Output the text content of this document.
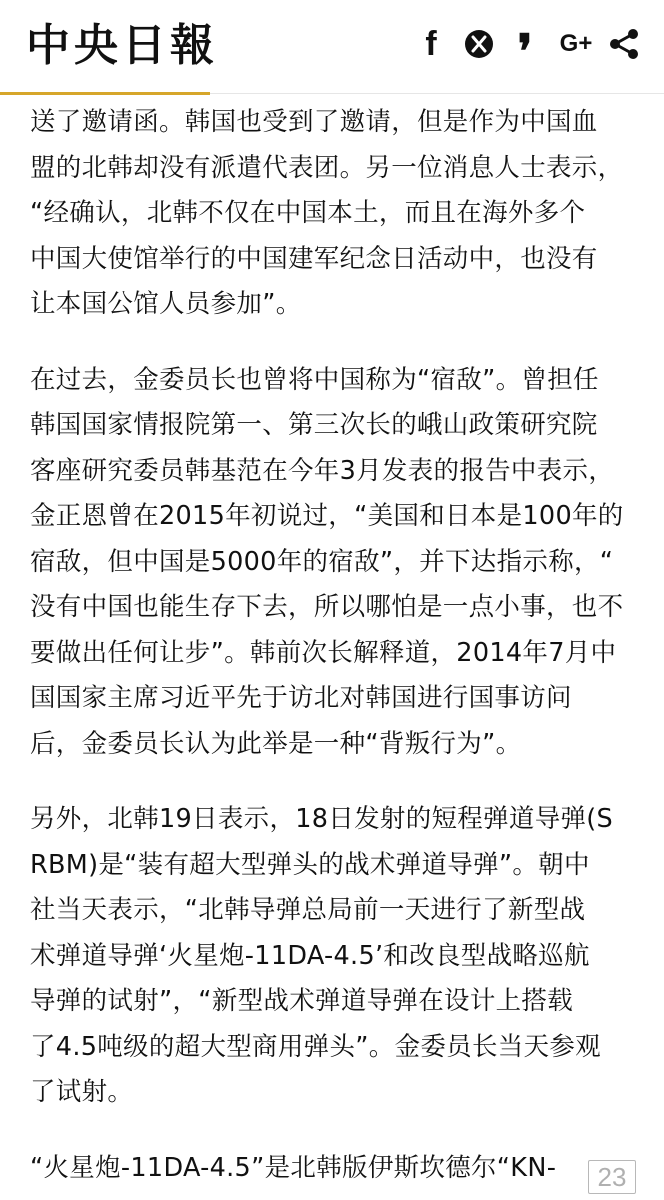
中央日報	f ❜ G+
送了邀请函。韩国也受到了邀请，但是作为中国血
盟的北韩却没有派遣代表团。另一位消息人士表示，
“经确认，北韩不仅在中国本土，而且在海外多个
中国大使馆举行的中国建军纪念日活动中，也没有
让本国公馆人员参加”。
在过去，金委员长也曾将中国称为“宿敌”。曾担任
韩国国家情报院第一、第三次长的峨山政策研究院
客座研究委员韩基范在今年3月发表的报告中表示，
金正恩曾在2015年初说过，“美国和日本是100年的
宿敌，但中国是5000年的宿敌”，并下达指示称，“
没有中国也能生存下去，所以哪怕是一点小事，也不
要做出任何让步”。韩前次长解释道，2014年7月中
国国家主席习近平先于访北对韩国进行国事访问
后，金委员长认为此举是一种“背叛行为”。
另外，北韩19日表示，18日发射的短程弹道导弹(S
RBM)是“装有超大型弹头的战术弹道导弹”。朝中
社当天表示，“北韩导弹总局前一天进行了新型战
术弹道导弹‘火星炮-11DA-4.5’和改良型战略巡航
导弹的试射”，“新型战术弹道导弹在设计上搭载
了4.5吨级的超大型商用弹头”。金委员长当天参观
了试射。
“火星炮-11DA-4.5”是北韩版伊斯坎德尔“KN-	23
